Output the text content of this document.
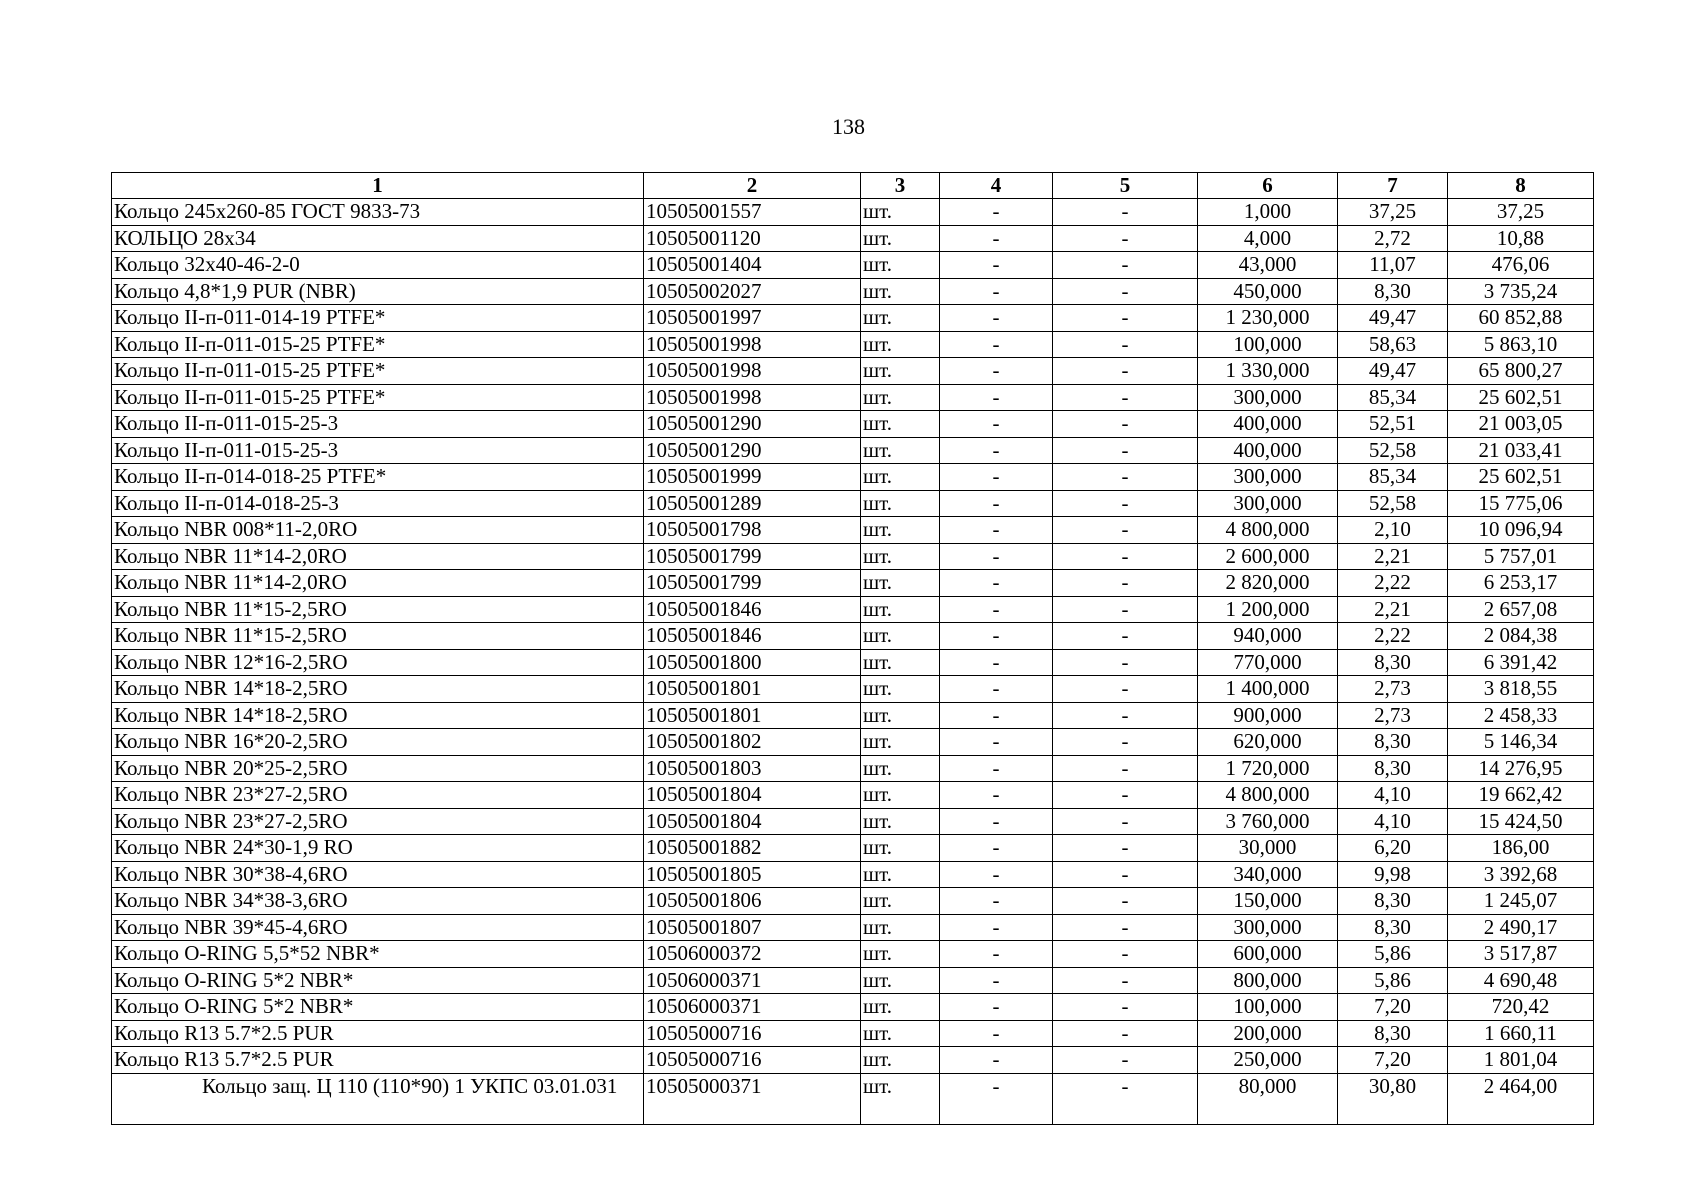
138
1	2	3	4	5	6	7	8
Кольцо 245x260-85 ГОСТ 9833-73	10505001557	шт.	-	-	1,000	37,25	37,25
КОЛЬЦО 28x34	10505001120	шт.	-	-	4,000	2,72	10,88
Кольцо 32x40-46-2-0	10505001404	шт.	-	-	43,000	11,07	476,06
Кольцо 4,8*1,9 PUR (NBR)	10505002027	шт.	-	-	450,000	8,30	3 735,24
Кольцо II-п-011-014-19 PTFE*	10505001997	шт.	-	-	1 230,000	49,47	60 852,88
Кольцо II-п-011-015-25 PTFE*	10505001998	шт.	-	-	100,000	58,63	5 863,10
Кольцо II-п-011-015-25 PTFE*	10505001998	шт.	-	-	1 330,000	49,47	65 800,27
Кольцо II-п-011-015-25 PTFE*	10505001998	шт.	-	-	300,000	85,34	25 602,51
Кольцо II-п-011-015-25-3	10505001290	шт.	-	-	400,000	52,51	21 003,05
Кольцо II-п-011-015-25-3	10505001290	шт.	-	-	400,000	52,58	21 033,41
Кольцо II-п-014-018-25 PTFE*	10505001999	шт.	-	-	300,000	85,34	25 602,51
Кольцо II-п-014-018-25-3	10505001289	шт.	-	-	300,000	52,58	15 775,06
Кольцо NBR 008*11-2,0RO	10505001798	шт.	-	-	4 800,000	2,10	10 096,94
Кольцо NBR 11*14-2,0RO	10505001799	шт.	-	-	2 600,000	2,21	5 757,01
Кольцо NBR 11*14-2,0RO	10505001799	шт.	-	-	2 820,000	2,22	6 253,17
Кольцо NBR 11*15-2,5RO	10505001846	шт.	-	-	1 200,000	2,21	2 657,08
Кольцо NBR 11*15-2,5RO	10505001846	шт.	-	-	940,000	2,22	2 084,38
Кольцо NBR 12*16-2,5RO	10505001800	шт.	-	-	770,000	8,30	6 391,42
Кольцо NBR 14*18-2,5RO	10505001801	шт.	-	-	1 400,000	2,73	3 818,55
Кольцо NBR 14*18-2,5RO	10505001801	шт.	-	-	900,000	2,73	2 458,33
Кольцо NBR 16*20-2,5RO	10505001802	шт.	-	-	620,000	8,30	5 146,34
Кольцо NBR 20*25-2,5RO	10505001803	шт.	-	-	1 720,000	8,30	14 276,95
Кольцо NBR 23*27-2,5RO	10505001804	шт.	-	-	4 800,000	4,10	19 662,42
Кольцо NBR 23*27-2,5RO	10505001804	шт.	-	-	3 760,000	4,10	15 424,50
Кольцо NBR 24*30-1,9 RO	10505001882	шт.	-	-	30,000	6,20	186,00
Кольцо NBR 30*38-4,6RO	10505001805	шт.	-	-	340,000	9,98	3 392,68
Кольцо NBR 34*38-3,6RO	10505001806	шт.	-	-	150,000	8,30	1 245,07
Кольцо NBR 39*45-4,6RO	10505001807	шт.	-	-	300,000	8,30	2 490,17
Кольцо O-RING 5,5*52 NBR*	10506000372	шт.	-	-	600,000	5,86	3 517,87
Кольцо O-RING 5*2 NBR*	10506000371	шт.	-	-	800,000	5,86	4 690,48
Кольцо O-RING 5*2 NBR*	10506000371	шт.	-	-	100,000	7,20	720,42
Кольцо R13 5.7*2.5 PUR	10505000716	шт.	-	-	200,000	8,30	1 660,11
Кольцо R13 5.7*2.5 PUR	10505000716	шт.	-	-	250,000	7,20	1 801,04
Кольцо защ. Ц 110 (110*90) 1 УКПС 03.01.031	10505000371	шт.	-	-	80,000	30,80	2 464,00
